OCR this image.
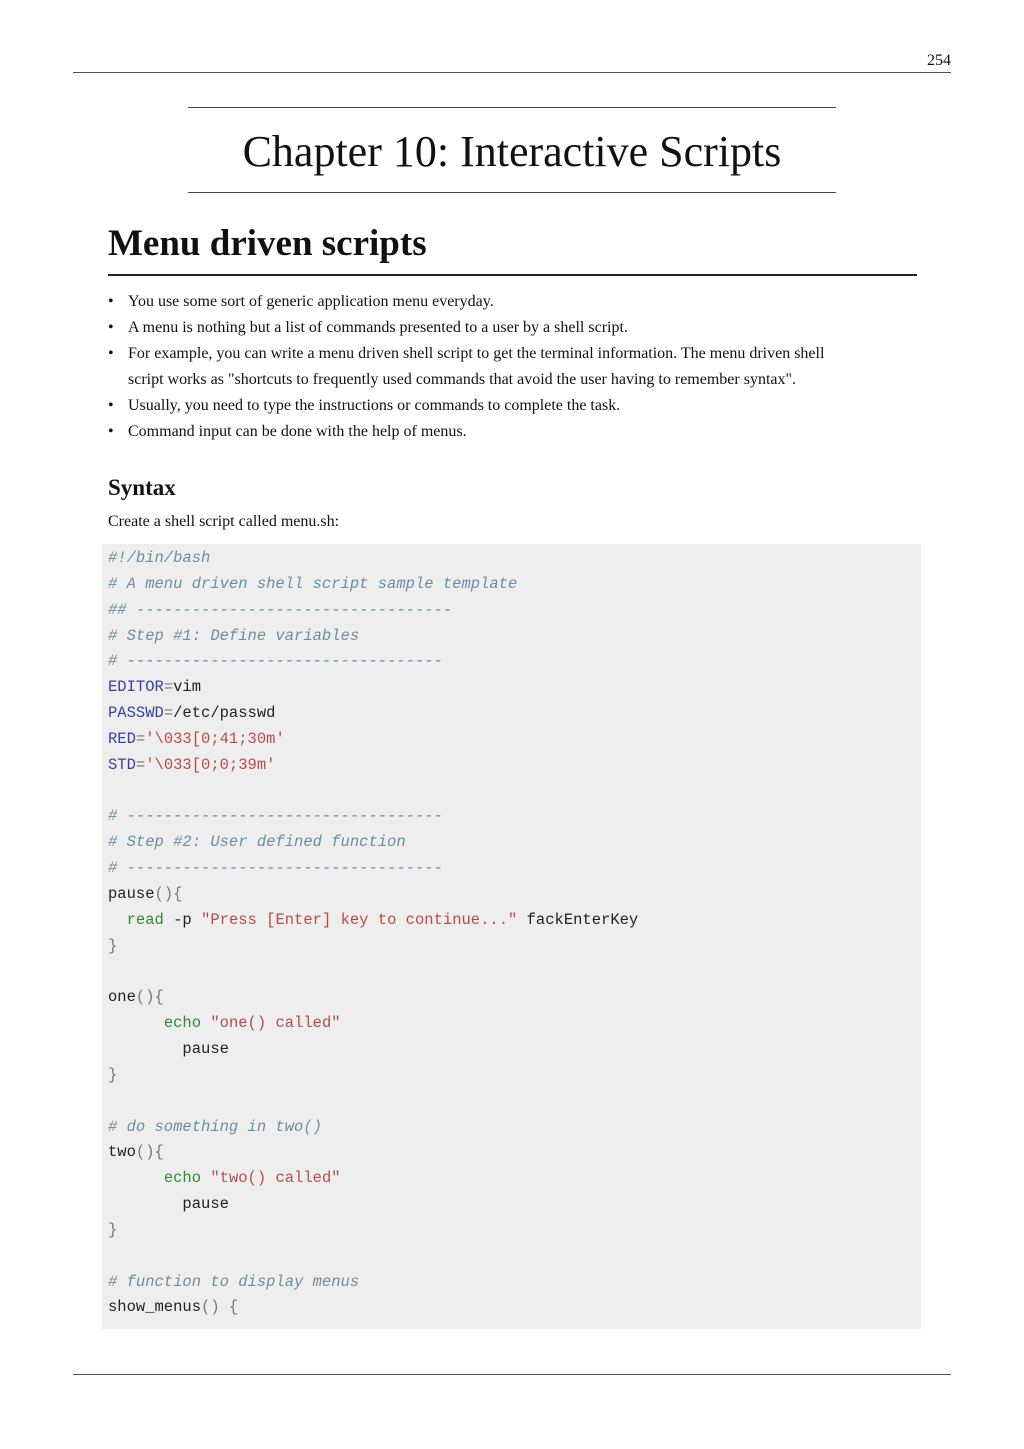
254
Chapter 10: Interactive Scripts
Menu driven scripts
• You use some sort of generic application menu everyday.
• A menu is nothing but a list of commands presented to a user by a shell script.
• For example, you can write a menu driven shell script to get the terminal information. The menu driven shell
script works as "shortcuts to frequently used commands that avoid the user having to remember syntax".
• Usually, you need to type the instructions or commands to complete the task.
• Command input can be done with the help of menus.
Syntax
Create a shell script called menu.sh:
#!/bin/bash
# A menu driven shell script sample template
## ----------------------------------
# Step #1: Define variables
# ----------------------------------
EDITOR=vim
PASSWD=/etc/passwd
RED='\033[0;41;30m'
STD='\033[0;0;39m'
# ----------------------------------
# Step #2: User defined function
# ----------------------------------
pause(){
read -p "Press [Enter] key to continue..." fackEnterKey
}
one(){
echo "one() called"
pause
}
# do something in two()
two(){
echo "two() called"
pause
}
# function to display menus
show_menus() {
